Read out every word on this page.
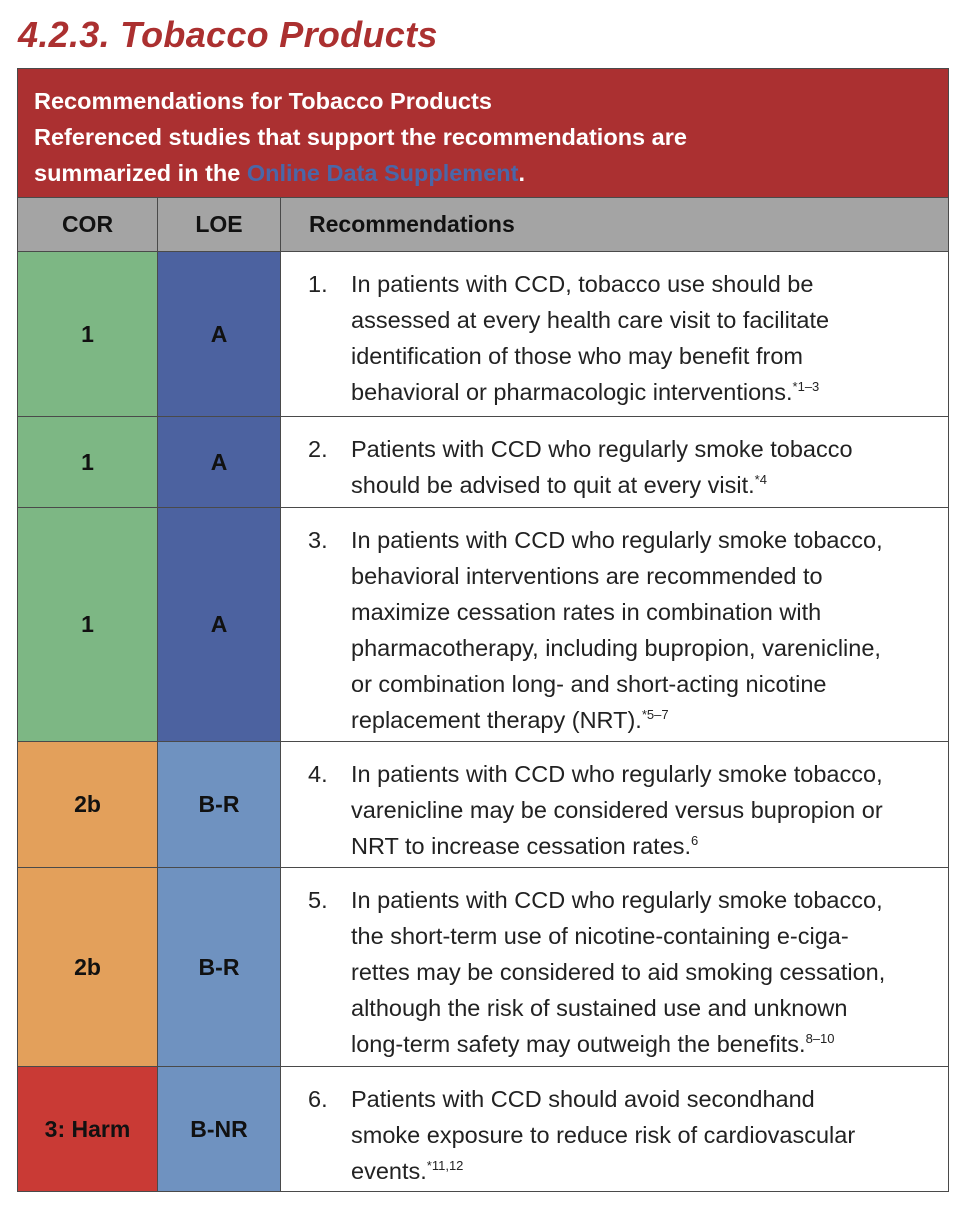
4.2.3. Tobacco Products
Recommendations for Tobacco Products
Referenced studies that support the recommendations are
summarized in the Online Data Supplement.
COR	LOE	Recommendations
1	A
1. In patients with CCD, tobacco use should be
assessed at every health care visit to facilitate
identification of those who may benefit from
behavioral or pharmacologic interventions.$^{*1-3}$
1	A	2. Patients with CCD who regularly smoke tobacco
should be advised to quit at every visit.$^{*4}$
1	A
3. In patients with CCD who regularly smoke tobacco,
behavioral interventions are recommended to
maximize cessation rates in combination with
pharmacotherapy, including bupropion, varenicline,
or combination long- and short-acting nicotine
replacement therapy (NRT).$^{*5-7}$
2b	B-R
4. In patients with CCD who regularly smoke tobacco,
varenicline may be considered versus bupropion or
NRT to increase cessation rates.$^6$
2b	B-R
5. In patients with CCD who regularly smoke tobacco,
the short-term use of nicotine-containing e-ciga-
rettes may be considered to aid smoking cessation,
although the risk of sustained use and unknown
long-term safety may outweigh the benefits.$^{8-10}$
3: Harm	B-NR
6. Patients with CCD should avoid secondhand
smoke exposure to reduce risk of cardiovascular
events.$^{*11,12}$
